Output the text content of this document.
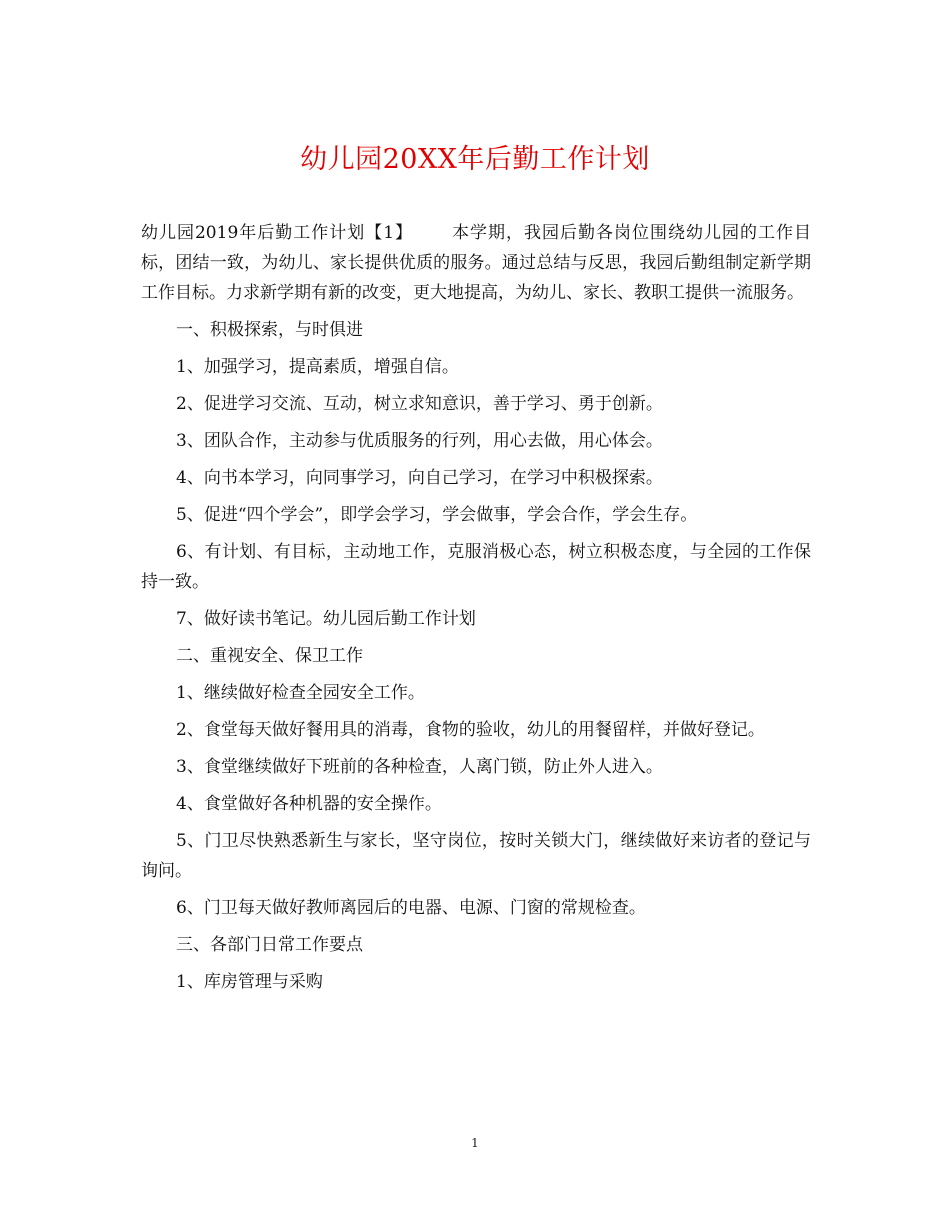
幼儿园20XX年后勤工作计划

幼儿园2019年后勤工作计划【1】 本学期，我园后勤各岗位围绕幼儿园的工作目标，团结一致，为幼儿、家长提供优质的服务。通过总结与反思，我园后勤组制定新学期工作目标。力求新学期有新的改变，更大地提高，为幼儿、家长、教职工提供一流服务。

一、积极探索，与时俱进

1、加强学习，提高素质，增强自信。

2、促进学习交流、互动，树立求知意识，善于学习、勇于创新。

3、团队合作，主动参与优质服务的行列，用心去做，用心体会。

4、向书本学习，向同事学习，向自己学习，在学习中积极探索。

5、促进“四个学会”，即学会学习，学会做事，学会合作，学会生存。

6、有计划、有目标，主动地工作，克服消极心态，树立积极态度，与全园的工作保持一致。

7、做好读书笔记。幼儿园后勤工作计划

二、重视安全、保卫工作

1、继续做好检查全园安全工作。

2、食堂每天做好餐用具的消毒，食物的验收，幼儿的用餐留样，并做好登记。

3、食堂继续做好下班前的各种检查，人离门锁，防止外人进入。

4、食堂做好各种机器的安全操作。

5、门卫尽快熟悉新生与家长，坚守岗位，按时关锁大门，继续做好来访者的登记与询问。

6、门卫每天做好教师离园后的电器、电源、门窗的常规检查。

三、各部门日常工作要点

1、库房管理与采购

1
